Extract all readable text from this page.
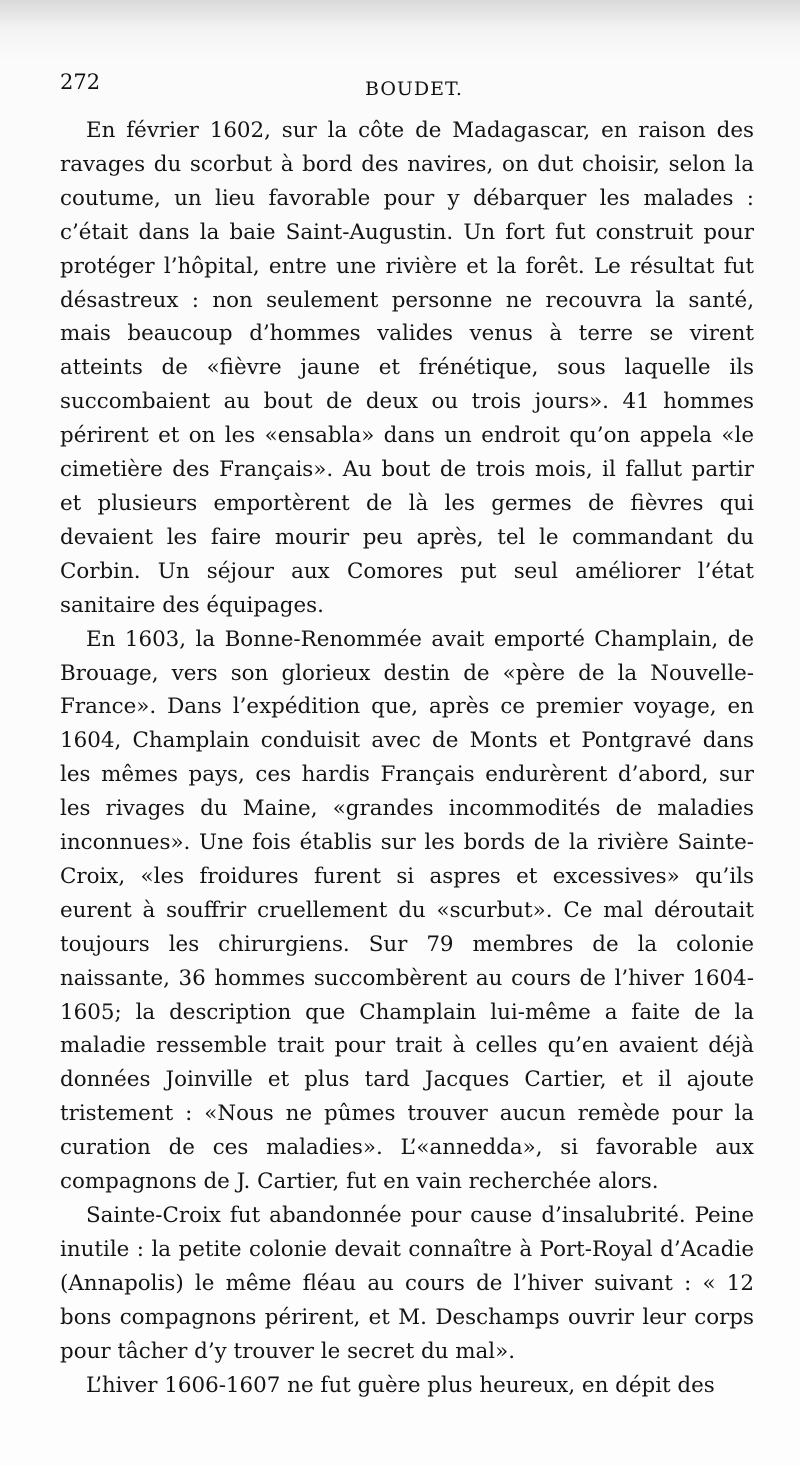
272	BOUDET.

En février 1602, sur la côte de Madagascar, en raison des ravages du scorbut à bord des navires, on dut choisir, selon la coutume, un lieu favorable pour y débarquer les malades : c’était dans la baie Saint-Augustin. Un fort fut construit pour protéger l’hôpital, entre une rivière et la forêt. Le résultat fut désastreux : non seulement personne ne recouvra la santé, mais beaucoup d’hommes valides venus à terre se virent atteints de «fièvre jaune et frénétique, sous laquelle ils succombaient au bout de deux ou trois jours». 41 hommes périrent et on les «ensabla» dans un endroit qu’on appela «le cimetière des Français». Au bout de trois mois, il fallut partir et plusieurs emportèrent de là les germes de fièvres qui devaient les faire mourir peu après, tel le commandant du Corbin. Un séjour aux Comores put seul améliorer l’état sanitaire des équipages.

En 1603, la Bonne-Renommée avait emporté Champlain, de Brouage, vers son glorieux destin de «père de la Nouvelle-France». Dans l’expédition que, après ce premier voyage, en 1604, Champlain conduisit avec de Monts et Pontgravé dans les mêmes pays, ces hardis Français endurèrent d’abord, sur les rivages du Maine, «grandes incommodités de maladies inconnues». Une fois établis sur les bords de la rivière Sainte-Croix, «les froidures furent si aspres et excessives» qu’ils eurent à souffrir cruellement du «scurbut». Ce mal déroutait toujours les chirurgiens. Sur 79 membres de la colonie naissante, 36 hommes succombèrent au cours de l’hiver 1604-1605; la description que Champlain lui-même a faite de la maladie ressemble trait pour trait à celles qu’en avaient déjà données Joinville et plus tard Jacques Cartier, et il ajoute tristement : «Nous ne pûmes trouver aucun remède pour la curation de ces maladies». L’«annedda», si favorable aux compagnons de J. Cartier, fut en vain recherchée alors.

Sainte-Croix fut abandonnée pour cause d’insalubrité. Peine inutile : la petite colonie devait connaître à Port-Royal d’Acadie (Annapolis) le même fléau au cours de l’hiver suivant : « 12 bons compagnons périrent, et M. Deschamps ouvrir leur corps pour tâcher d’y trouver le secret du mal».

L’hiver 1606-1607 ne fut guère plus heureux, en dépit des
